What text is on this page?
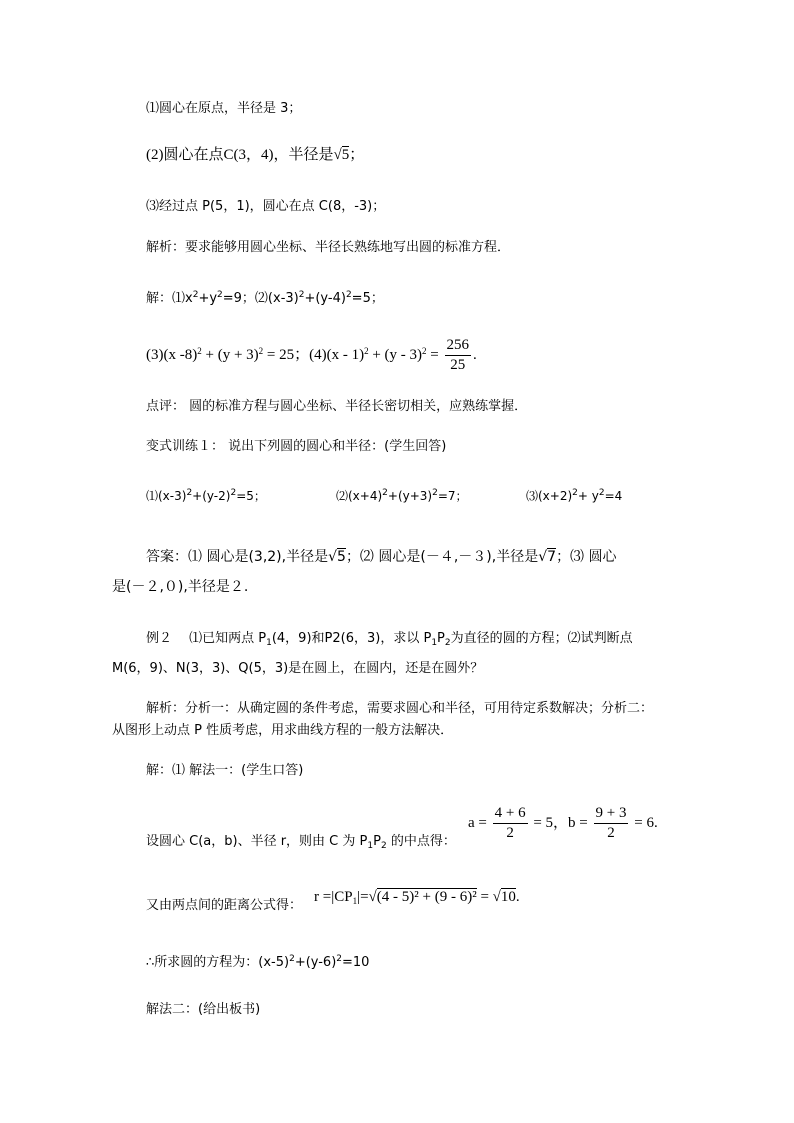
⑴圆心在原点，半径是 3；
(2)圆心在点C(3，4)，半径是√5；
⑶经过点 P(5，1)，圆心在点 C(8，-3)；
解析：要求能够用圆心坐标、半径长熟练地写出圆的标准方程．
解：$⑴x^2+y^2=9$；$⑵(x-3)^2+(y-4)^2=5$；
(3)(x $-8)^2 + (y + 3)^2 = 25$；$(4)(x - 1)^2 + (y - 3)^2 = \frac{256}{25}$ .
点评： 圆的标准方程与圆心坐标、半径长密切相关，应熟练掌握．
变式训练１： 说出下列圆的圆心和半径：(学生回答)
$⑴(x-3)^2+(y-2)^2=5$；	$⑵(x+4)^2+(y+3)^2=7$；	$⑶(x+2)^2+ y^2=4$
答案：⑴ 圆心是(3,2),半径是√5；⑵ 圆心是(－４,－３),半径是√7；⑶ 圆心
是(－２,０),半径是２.
例２　 ⑴已知两点 $P_1(4$，9)和P2(6，3)，求以 $P_1P_2$为直径的圆的方程；⑵试判断点
M(6，9)、N(3，3)、Q(5，3)是在圆上，在圆内，还是在圆外？
解析：分析一：从确定圆的条件考虑，需要求圆心和半径，可用待定系数解决；分析二：
从图形上动点 P 性质考虑，用求曲线方程的一般方法解决．
解：⑴ 解法一：(学生口答)
设圆心 C(a，b)、半径 r，则由 C 为 $P_1P_2$ 的中点得：
$a = \frac{4 + 6}{2} = 5$，$b = \frac{9 + 3}{2} = 6$.
又由两点间的距离公式得：
$r =|CP_1|=√(4 - 5)^2 + (9 - 6)^2 = √10$.
∴所求圆的方程为：$(x-5)^2+(y-6)^2=10$
解法二：(给出板书)
